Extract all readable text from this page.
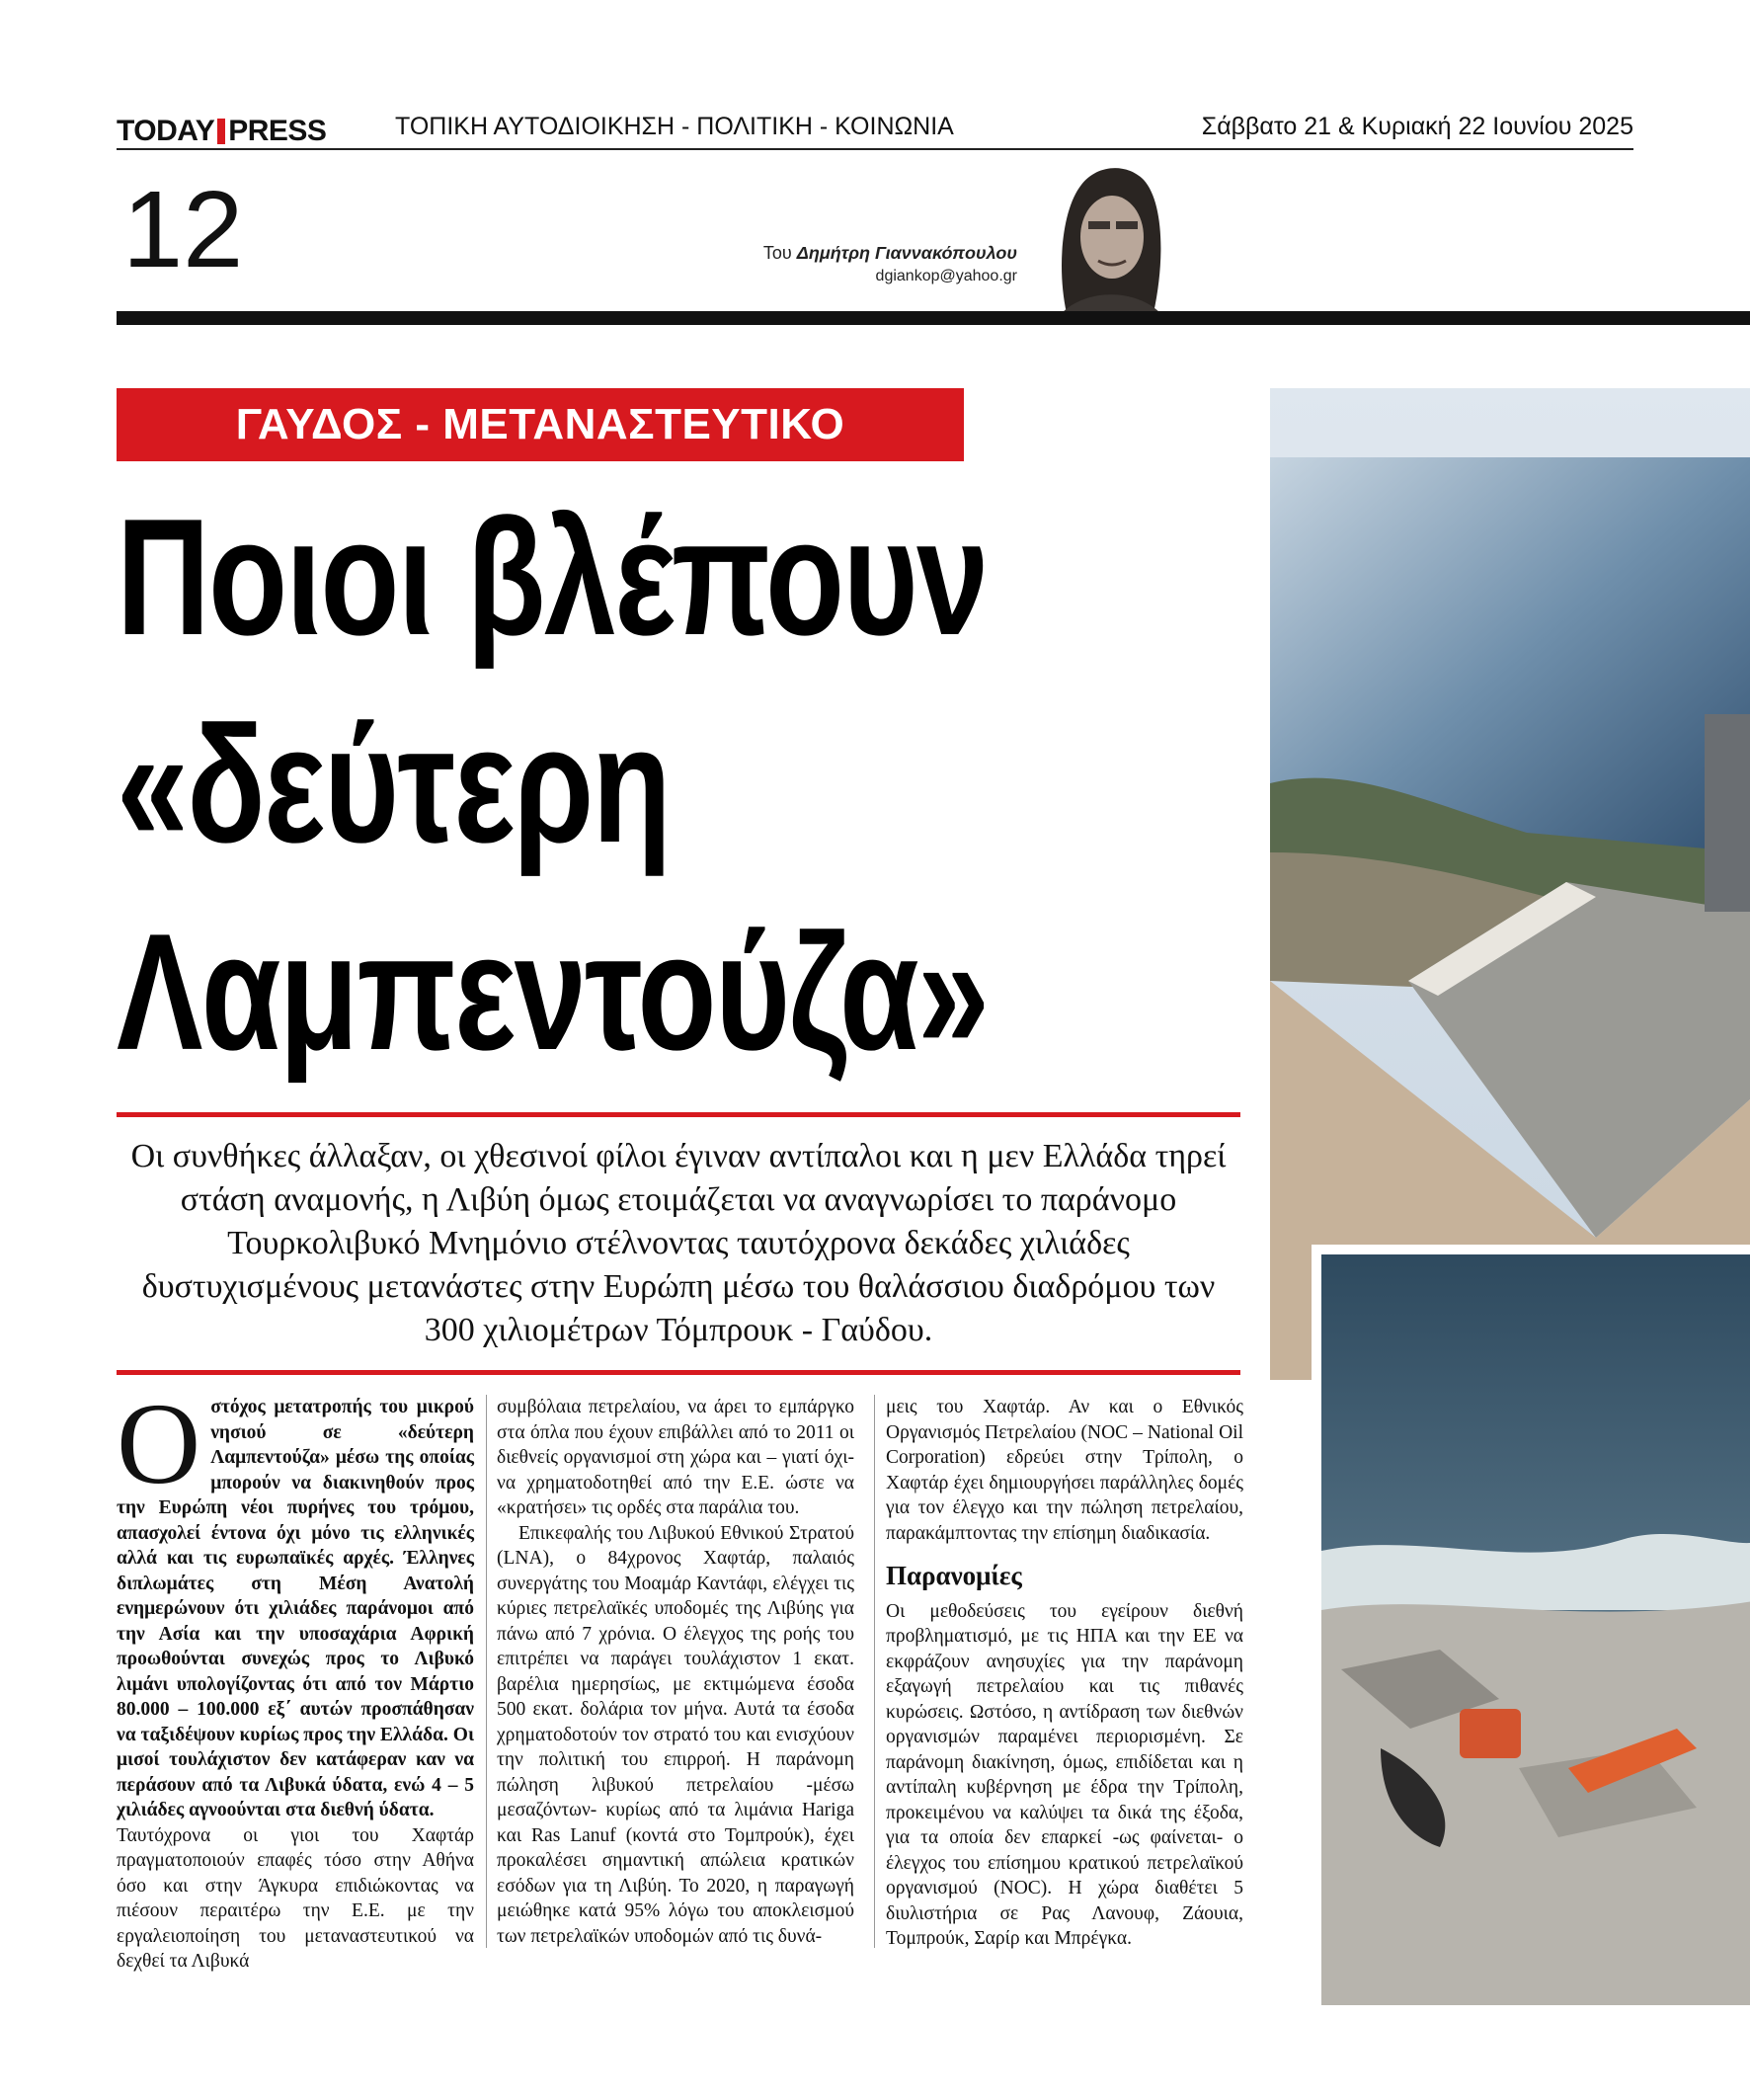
TODAY PRESS	ΤΟΠΙΚΗ ΑΥΤΟΔΙΟΙΚΗΣΗ - ΠΟΛΙΤΙΚΗ - ΚΟΙΝΩΝΙΑ	Σάββατο 21 & Κυριακή 22 Ιουνίου 2025
12	Του Δημήτρη Γιαννακόπουλου
dgiankop@yahoo.gr
ΓΑΥΔΟΣ - ΜΕΤΑΝΑΣΤΕΥΤΙΚΟ
Ποιοι βλέπουν
«δεύτερη
Λαμπεντούζα»
Οι συνθήκες άλλαξαν, οι χθεσινοί φίλοι έγιναν αντίπαλοι και η μεν Ελλάδα τηρεί στάση αναμονής, η Λιβύη όμως ετοιμάζεται να αναγνωρίσει το παράνομο Τουρκολιβυκό Μνημόνιο στέλνοντας ταυτόχρονα δεκάδες χιλιάδες δυστυχισμένους μετανάστες στην Ευρώπη μέσω του θαλάσσιου διαδρόμου των 300 χιλιομέτρων Τόμπρουκ - Γαύδου.

Οστόχος μετατροπής του μικρού νησιού σε «δεύτερη Λαμπεντούζα» μέσω της οποίας μπορούν να διακινηθούν προς την Ευρώπη νέοι πυρήνες του τρόμου, απασχολεί έντονα όχι μόνο τις ελληνικές αλλά και τις ευρωπαϊκές αρχές. Έλληνες διπλωμάτες στη Μέση Ανατολή ενημερώνουν ότι χιλιάδες παράνομοι από την Ασία και την υποσαχάρια Αφρική προωθούνται συνεχώς προς το Λιβυκό λιμάνι υπολογίζοντας ότι από τον Μάρτιο 80.000 – 100.000 εξ΄ αυτών προσπάθησαν να ταξιδέψουν κυρίως προς την Ελλάδα. Οι μισοί τουλάχιστον δεν κατάφεραν καν να περάσουν από τα Λιβυκά ύδατα, ενώ 4 – 5 χιλιάδες αγνοούνται στα διεθνή ύδατα.

Ταυτόχρονα οι γιοι του Χαφτάρ πραγματοποιούν επαφές τόσο στην Αθήνα όσο και στην Άγκυρα επιδιώκοντας να πιέσουν περαιτέρω την Ε.Ε. με την εργαλειοποίηση του μεταναστευτικού να δεχθεί τα Λιβυκά

συμβόλαια πετρελαίου, να άρει το εμπάργκο στα όπλα που έχουν επιβάλλει από το 2011 οι διεθνείς οργανισμοί στη χώρα και – γιατί όχι- να χρηματοδοτηθεί από την Ε.Ε. ώστε να «κρατήσει» τις ορδές στα παράλια του.

Επικεφαλής του Λιβυκού Εθνικού Στρατού (LNA), ο 84χρονος Χαφτάρ, παλαιός συνεργάτης του Μοαμάρ Καντάφι, ελέγχει τις κύριες πετρελαϊκές υποδομές της Λιβύης για πάνω από 7 χρόνια. Ο έλεγχος της ροής του επιτρέπει να παράγει τουλάχιστον 1 εκατ. βαρέλια ημερησίως, με εκτιμώμενα έσοδα 500 εκατ. δολάρια τον μήνα. Αυτά τα έσοδα χρηματοδοτούν τον στρατό του και ενισχύουν την πολιτική του επιρροή. Η παράνομη πώληση λιβυκού πετρελαίου -μέσω μεσαζόντων- κυρίως από τα λιμάνια Hariga και Ras Lanuf (κοντά στο Τομπρούκ), έχει προκαλέσει σημαντική απώλεια κρατικών εσόδων για τη Λιβύη. Το 2020, η παραγωγή μειώθηκε κατά 95% λόγω του αποκλεισμού των πετρελαϊκών υποδομών από τις δυνά-

μεις του Χαφτάρ. Αν και ο Εθνικός Οργανισμός Πετρελαίου (NOC – National Oil Corporation) εδρεύει στην Τρίπολη, ο Χαφτάρ έχει δημιουργήσει παράλληλες δομές για τον έλεγχο και την πώληση πετρελαίου, παρακάμπτοντας την επίσημη διαδικασία.

Παρανομίες

Οι μεθοδεύσεις του εγείρουν διεθνή προβληματισμό, με τις ΗΠΑ και την ΕΕ να εκφράζουν ανησυχίες για την παράνομη εξαγωγή πετρελαίου και τις πιθανές κυρώσεις. Ωστόσο, η αντίδραση των διεθνών οργανισμών παραμένει περιορισμένη. Σε παράνομη διακίνηση, όμως, επιδίδεται και η αντίπαλη κυβέρνηση με έδρα την Τρίπολη, προκειμένου να καλύψει τα δικά της έξοδα, για τα οποία δεν επαρκεί -ως φαίνεται- ο έλεγχος του επίσημου κρατικού πετρελαϊκού οργανισμού (NOC). Η χώρα διαθέτει 5 διυλιστήρια σε Ρας Λανουφ, Ζάουια, Τομπρούκ, Σαρίρ και Μπρέγκα.
